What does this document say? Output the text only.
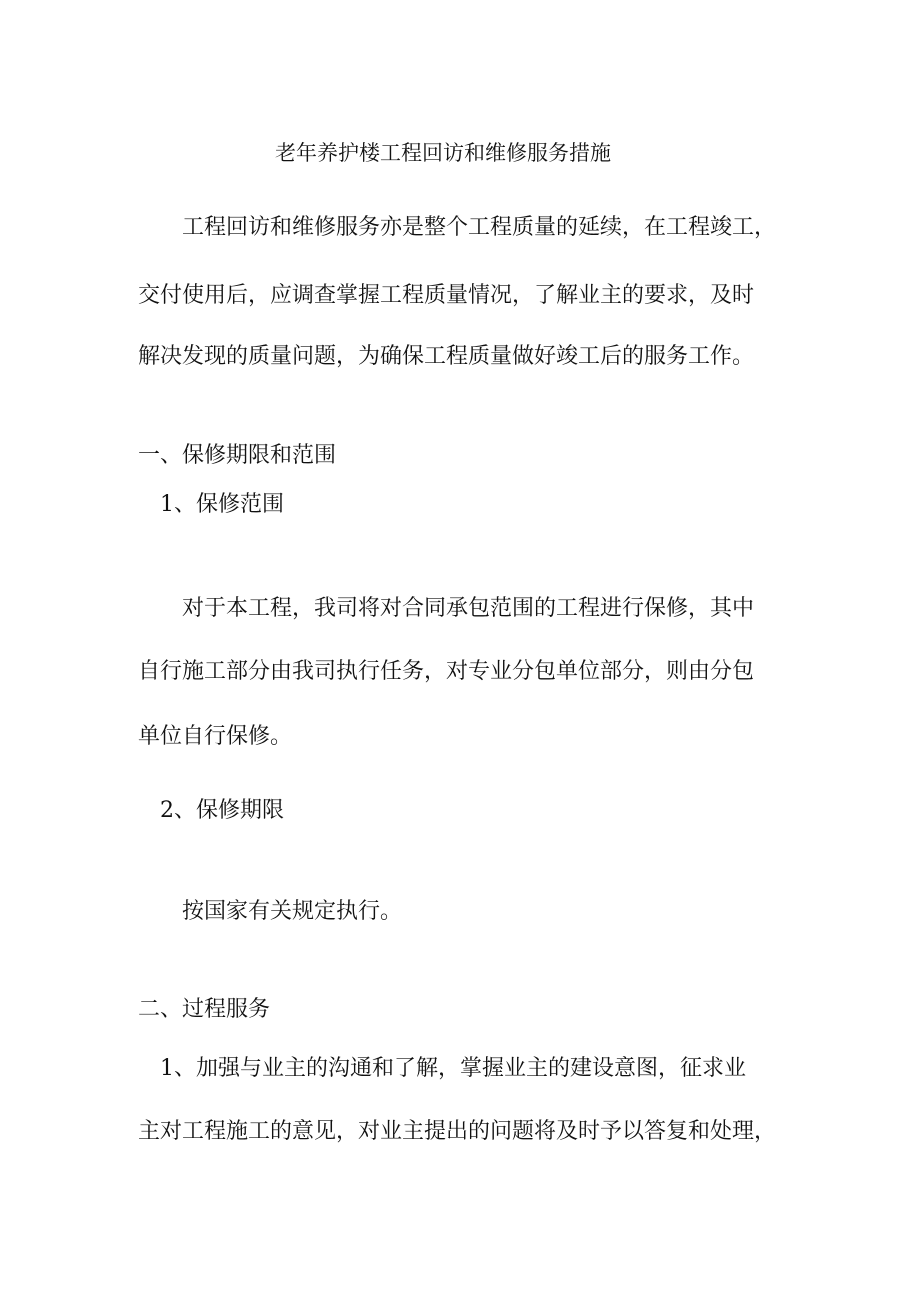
老年养护楼工程回访和维修服务措施
工程回访和维修服务亦是整个工程质量的延续，在工程竣工，
交付使用后，应调查掌握工程质量情况，了解业主的要求，及时
解决发现的质量问题，为确保工程质量做好竣工后的服务工作。
一、保修期限和范围
1、保修范围
对于本工程，我司将对合同承包范围的工程进行保修，其中
自行施工部分由我司执行任务，对专业分包单位部分，则由分包
单位自行保修。
2、保修期限
按国家有关规定执行。
二、过程服务
1、加强与业主的沟通和了解，掌握业主的建设意图，征求业
主对工程施工的意见，对业主提出的问题将及时予以答复和处理，
